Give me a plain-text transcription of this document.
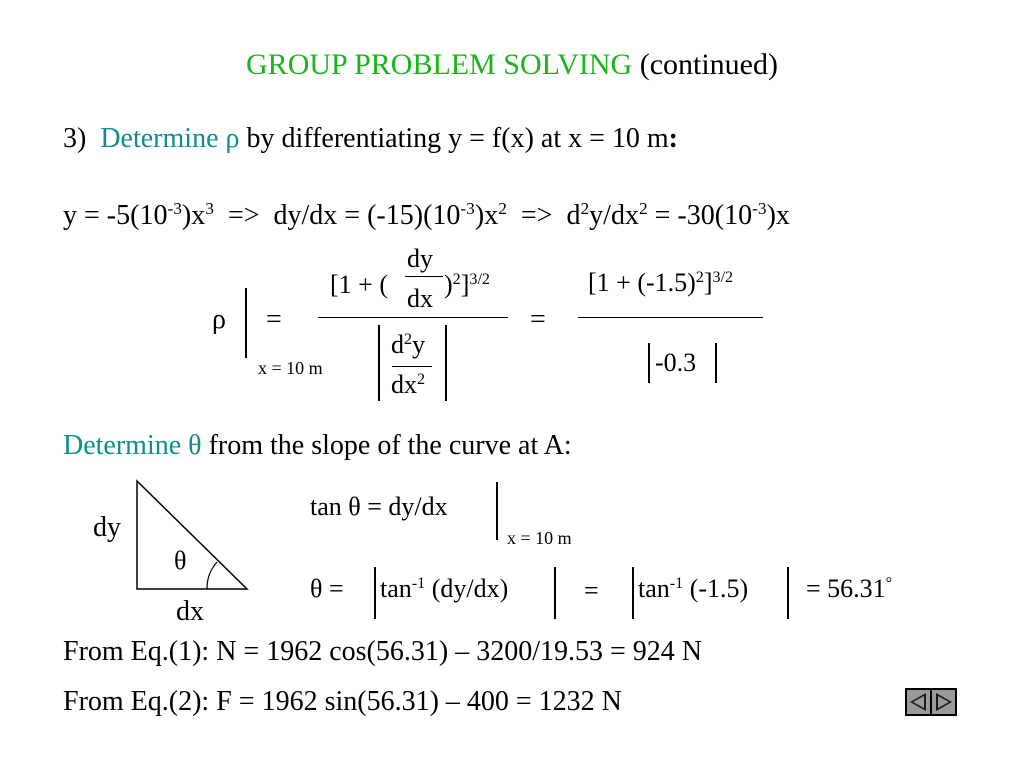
GROUP PROBLEM SOLVING (continued)
3) Determine ρ by differentiating y = f(x) at x = 10 m:
$y = -5(10^{-3})x^3 => dy/dx = (-15)(10^{-3})x^2 => d^2y/dx^2 = -30(10^{-3})x$
ρ =
x = 10 m
[1 + (
dy
dx )$^2$]$^{3/2}$
$d^2y$
$dx^2$
=
$[1 + (-1.5)^2]^{3/2}$
-0.3
Determine θ from the slope of the curve at A:
dy
dx
θ
tan θ = dy/dx
x = 10 m
$\theta = \tan^{-1} (dy/dx)$	= $\tan^{-1} (-1.5) = 56.31^\circ$
From Eq.(1): N = 1962 cos(56.31) – 3200/19.53 = 924 N
From Eq.(2): F = 1962 sin(56.31) – 400 = 1232 N
